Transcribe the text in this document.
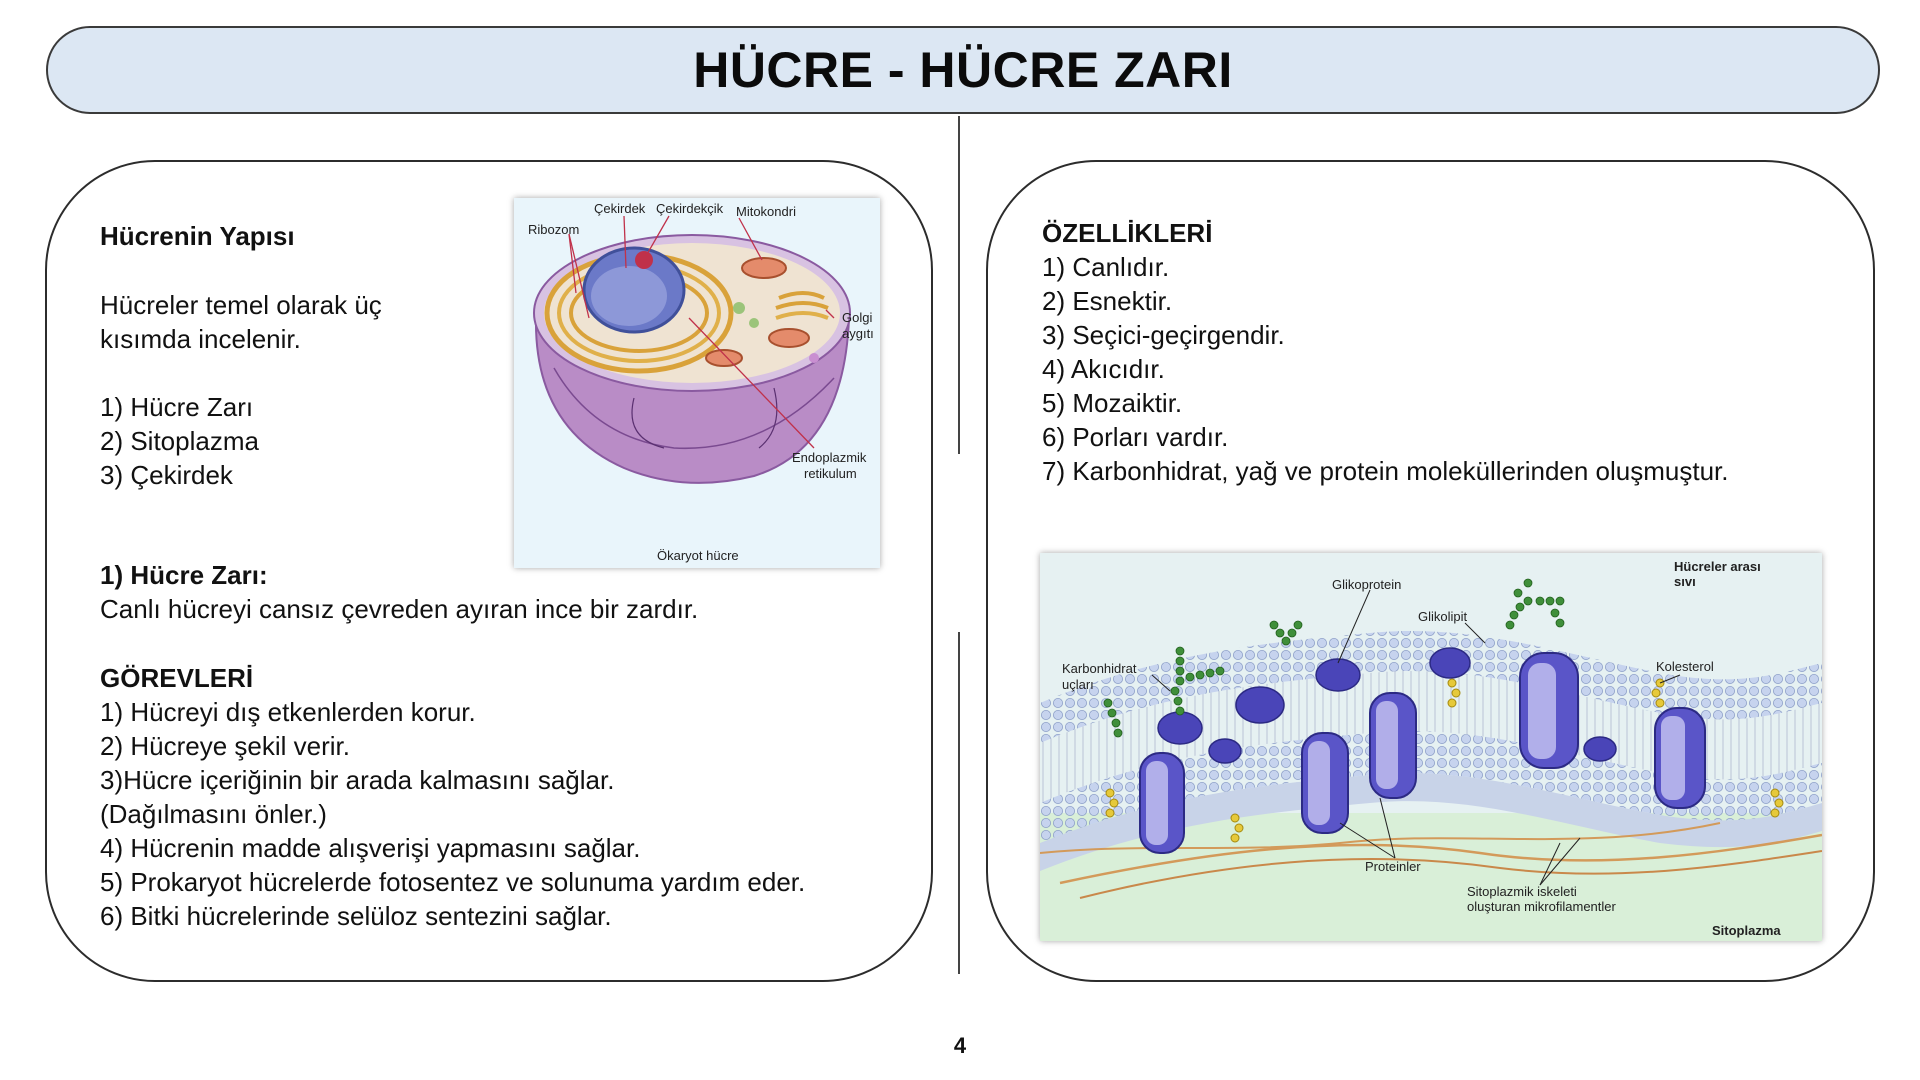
HÜCRE - HÜCRE ZARI
Hücrenin Yapısı
Hücreler temel olarak üç
kısımda incelenir.
1) Hücre Zarı
2) Sitoplazma
3) Çekirdek
1) Hücre Zarı:
Canlı hücreyi cansız çevreden ayıran ince bir zardır.
GÖREVLERİ
1) Hücreyi dış etkenlerden korur.
2) Hücreye şekil verir.
3)Hücre içeriğinin bir arada kalmasını sağlar.
(Dağılmasını önler.)
4) Hücrenin madde alışverişi yapmasını sağlar.
5) Prokaryot hücrelerde fotosentez ve solunuma yardım eder.
6) Bitki hücrelerinde selüloz sentezini sağlar.
Çekirdek Çekirdekçik Mitokondri
Ribozom
Golgi
aygıtı
Endoplazmik
retikulum
Ökaryot hücre
ÖZELLİKLERİ
1) Canlıdır.
2) Esnektir.
3) Seçici-geçirgendir.
4) Akıcıdır.
5) Mozaiktir.
6) Porları vardır.
7) Karbonhidrat, yağ ve protein moleküllerinden oluşmuştur.
Hücreler arası
sıvı
Glikoprotein
Glikolipit
Karbonhidrat
uçları
Kolesterol
Proteinler
Sitoplazmik iskeleti
oluşturan mikrofilamentler
Sitoplazma
4
